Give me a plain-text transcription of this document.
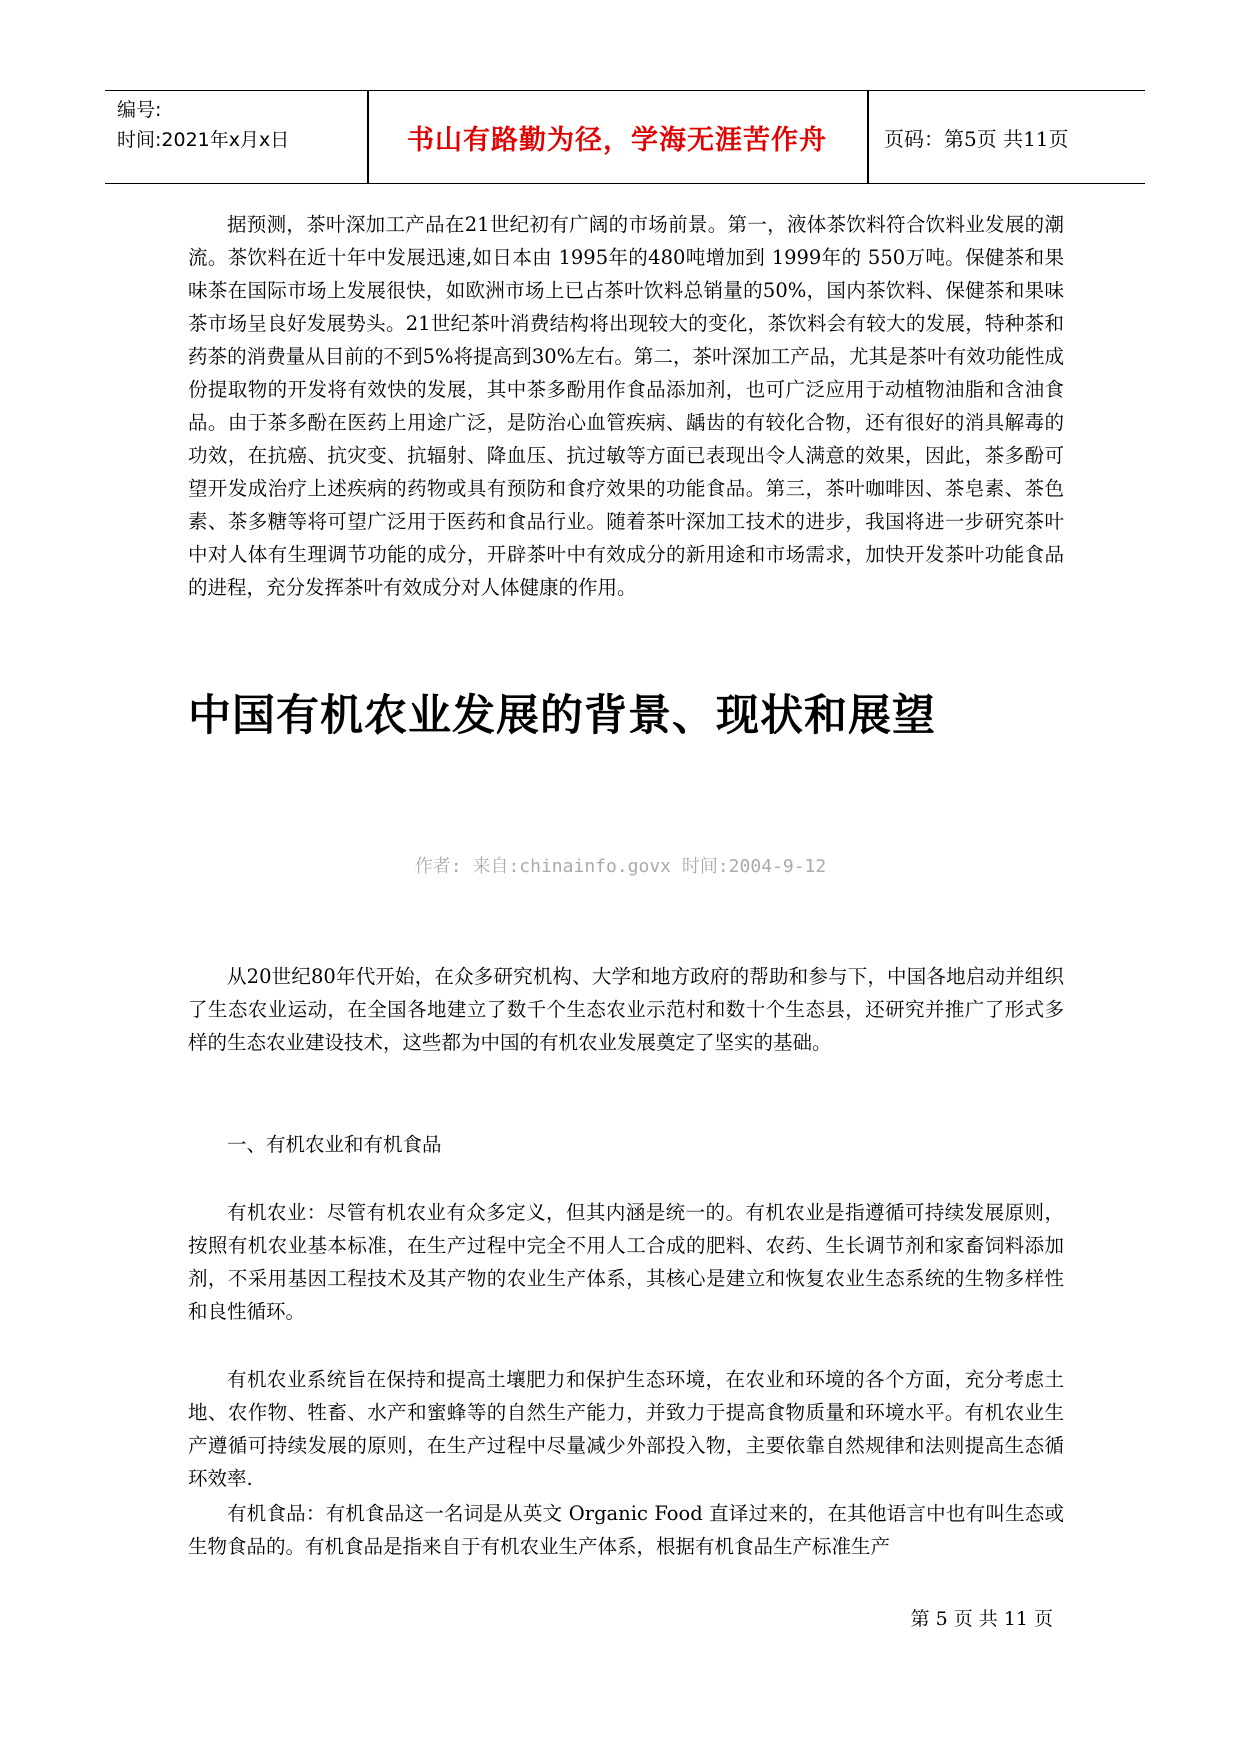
编号:
时间:2021年x月x日	书山有路勤为径，学海无涯苦作舟	页码：第5页 共11页

据预测，茶叶深加工产品在21世纪初有广阔的市场前景。第一，液体茶饮料符合饮料业发展的潮流。茶饮料在近十年中发展迅速,如日本由 1995年的480吨增加到 1999年的 550万吨。保健茶和果味茶在国际市场上发展很快，如欧洲市场上已占茶叶饮料总销量的50%，国内茶饮料、保健茶和果味茶市场呈良好发展势头。21世纪茶叶消费结构将出现较大的变化，茶饮料会有较大的发展，特种茶和药茶的消费量从目前的不到5%将提高到30%左右。第二，茶叶深加工产品，尤其是茶叶有效功能性成份提取物的开发将有效快的发展，其中茶多酚用作食品添加剂，也可广泛应用于动植物油脂和含油食品。由于茶多酚在医药上用途广泛，是防治心血管疾病、龋齿的有较化合物，还有很好的消具解毒的功效，在抗癌、抗灾变、抗辐射、降血压、抗过敏等方面已表现出令人满意的效果，因此，茶多酚可望开发成治疗上述疾病的药物或具有预防和食疗效果的功能食品。第三，茶叶咖啡因、茶皂素、茶色素、茶多糖等将可望广泛用于医药和食品行业。随着茶叶深加工技术的进步，我国将进一步研究茶叶中对人体有生理调节功能的成分，开辟茶叶中有效成分的新用途和市场需求，加快开发茶叶功能食品的进程，充分发挥茶叶有效成分对人体健康的作用。

中国有机农业发展的背景、现状和展望
作者: 来自:chinainfo.govx 时间:2004-9-12

从20世纪80年代开始，在众多研究机构、大学和地方政府的帮助和参与下，中国各地启动并组织了生态农业运动，在全国各地建立了数千个生态农业示范村和数十个生态县，还研究并推广了形式多样的生态农业建设技术，这些都为中国的有机农业发展奠定了坚实的基础。

一、有机农业和有机食品

有机农业：尽管有机农业有众多定义，但其内涵是统一的。有机农业是指遵循可持续发展原则，按照有机农业基本标准，在生产过程中完全不用人工合成的肥料、农药、生长调节剂和家畜饲料添加剂，不采用基因工程技术及其产物的农业生产体系，其核心是建立和恢复农业生态系统的生物多样性和良性循环。

有机农业系统旨在保持和提高土壤肥力和保护生态环境，在农业和环境的各个方面，充分考虑土地、农作物、牲畜、水产和蜜蜂等的自然生产能力，并致力于提高食物质量和环境水平。有机农业生产遵循可持续发展的原则，在生产过程中尽量减少外部投入物，主要依靠自然规律和法则提高生态循环效率.

有机食品：有机食品这一名词是从英文 Organic Food 直译过来的，在其他语言中也有叫生态或生物食品的。有机食品是指来自于有机农业生产体系，根据有机食品生产标准生产

第 5 页 共 11 页
